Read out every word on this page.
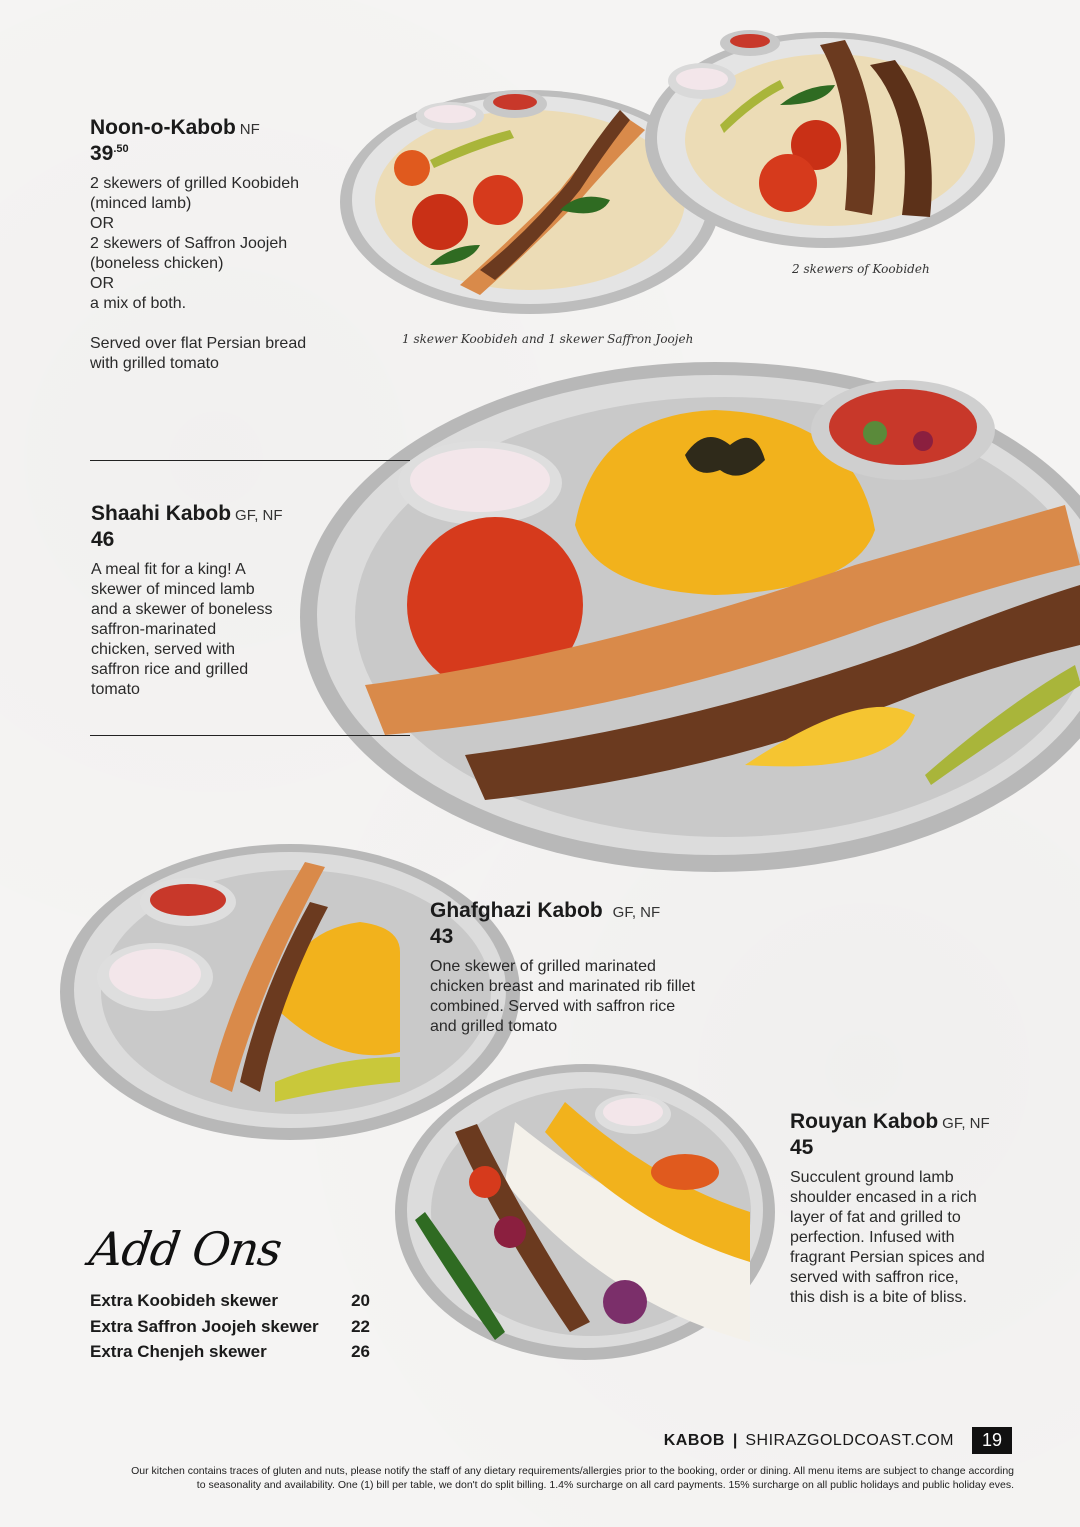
2 skewers of Koobideh
1 skewer Koobideh and 1 skewer Saffron Joojeh
Noon-o-Kabob NF
$39^{.50}$
2 skewers of grilled Koobideh
(minced lamb)
OR
2 skewers of Saffron Joojeh
(boneless chicken)
OR
a mix of both.

Served over flat Persian bread
with grilled tomato
Shaahi Kabob GF, NF
46
A meal fit for a king! A
skewer of minced lamb
and a skewer of boneless
saffron-marinated
chicken, served with
saffron rice and grilled
tomato
Ghafghazi Kabob GF, NF
43
One skewer of grilled marinated
chicken breast and marinated rib fillet
combined. Served with saffron rice
and grilled tomato
Rouyan Kabob GF, NF
45
Succulent ground lamb
shoulder encased in a rich
layer of fat and grilled to
perfection. Infused with
fragrant Persian spices and
served with saffron rice,
this dish is a bite of bliss.
Add Ons
Extra Koobideh skewer	20
Extra Saffron Joojeh skewer 22
Extra Chenjeh skewer	26
KABOB | SHIRAZGOLDCOAST.COM	19
Our kitchen contains traces of gluten and nuts, please notify the staff of any dietary requirements/allergies prior to the booking, order or dining. All menu items are subject to change according to seasonality and availability. One (1) bill per table, we don't do split billing. 1.4% surcharge on all card payments. 15% surcharge on all public holidays and public holiday eves.
